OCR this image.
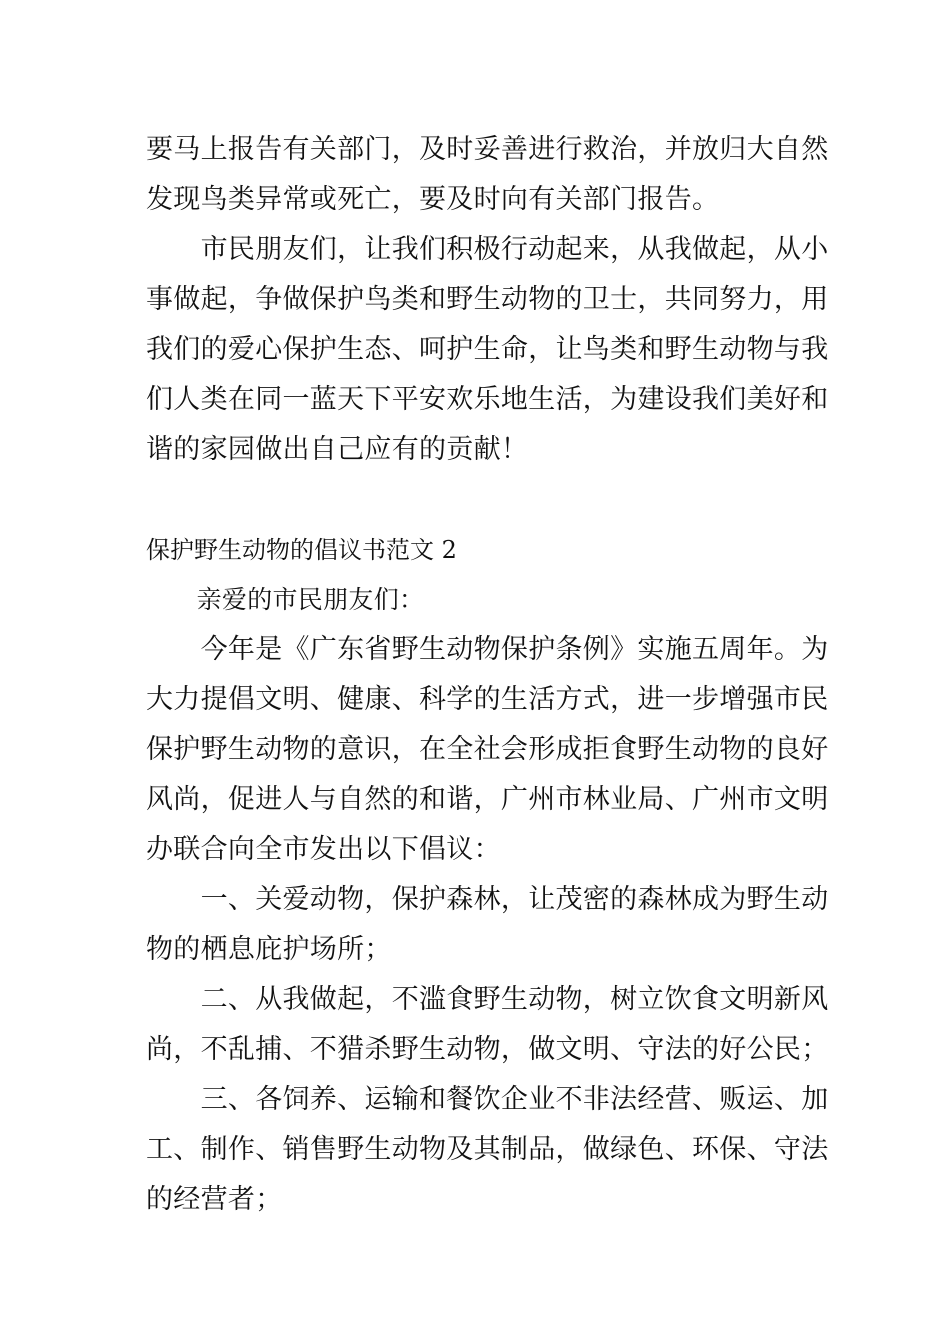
要马上报告有关部门，及时妥善进行救治，并放归大自然
发现鸟类异常或死亡，要及时向有关部门报告。
　　市民朋友们，让我们积极行动起来，从我做起，从小
事做起，争做保护鸟类和野生动物的卫士，共同努力，用
我们的爱心保护生态、呵护生命，让鸟类和野生动物与我
们人类在同一蓝天下平安欢乐地生活，为建设我们美好和
谐的家园做出自己应有的贡献！
保护野生动物的倡议书范文 2
　　亲爱的市民朋友们：
　　今年是《广东省野生动物保护条例》实施五周年。为
大力提倡文明、健康、科学的生活方式，进一步增强市民
保护野生动物的意识，在全社会形成拒食野生动物的良好
风尚，促进人与自然的和谐，广州市林业局、广州市文明
办联合向全市发出以下倡议：
　　一、关爱动物，保护森林，让茂密的森林成为野生动
物的栖息庇护场所；
　　二、从我做起，不滥食野生动物，树立饮食文明新风
尚，不乱捕、不猎杀野生动物，做文明、守法的好公民；
　　三、各饲养、运输和餐饮企业不非法经营、贩运、加
工、制作、销售野生动物及其制品，做绿色、环保、守法
的经营者；
